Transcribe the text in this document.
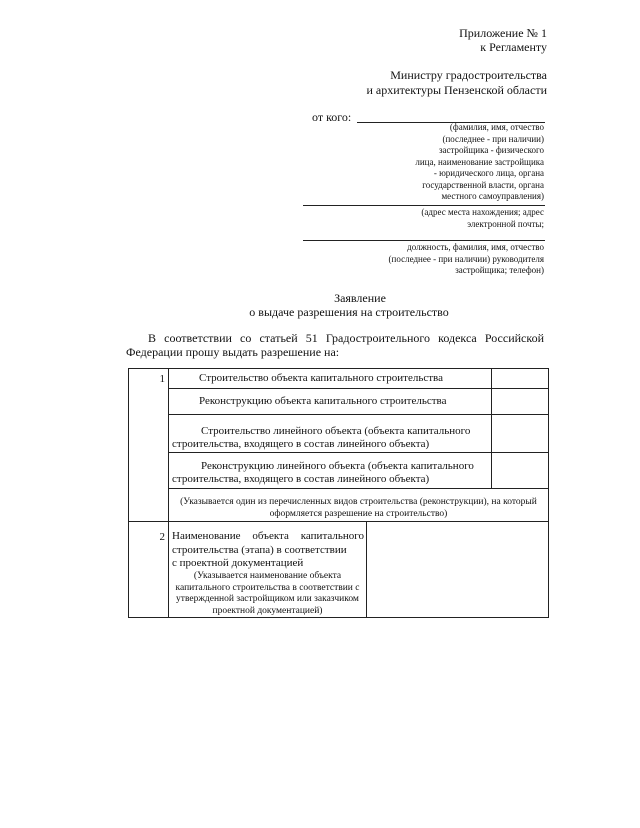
Приложение № 1
к Регламенту
Министру градостроительства
и архитектуры Пензенской области
от кого:
(фамилия, имя, отчество
(последнее - при наличии)
застройщика - физического
лица, наименование застройщика
- юридического лица, органа
государственной власти, органа
местного самоуправления)
(адрес места нахождения; адрес
электронной почты;
должность, фамилия, имя, отчество
(последнее - при наличии) руководителя
застройщика; телефон)
Заявление
о выдаче разрешения на строительство
В соответствии со статьей 51 Градостроительного кодекса Российской
Федерации прошу выдать разрешение на:
1	Строительство объекта капитального строительства
Реконструкцию объекта капитального строительства
Строительство линейного объекта (объекта капитального
строительства, входящего в состав линейного объекта)
Реконструкцию линейного объекта (объекта капитального
строительства, входящего в состав линейного объекта)
(Указывается один из перечисленных видов строительства (реконструкции), на который
оформляется разрешение на строительство)
2 Наименование объекта капитального
строительства (этапа) в соответствии
с проектной документацией
(Указывается наименование объекта
капитального строительства в соответствии с
утвержденной застройщиком или заказчиком
проектной документацией)
